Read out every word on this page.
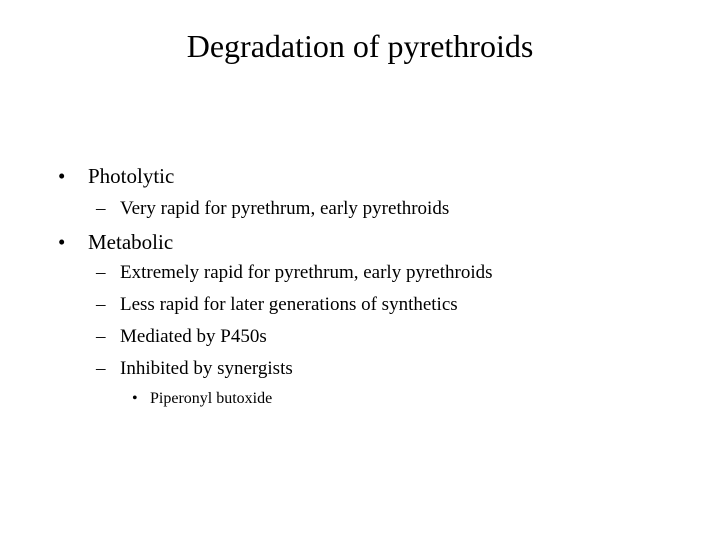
Degradation of pyrethroids
• Photolytic
– Very rapid for pyrethrum, early pyrethroids
• Metabolic
– Extremely rapid for pyrethrum, early pyrethroids
– Less rapid for later generations of synthetics
– Mediated by P450s
– Inhibited by synergists
• Piperonyl butoxide
